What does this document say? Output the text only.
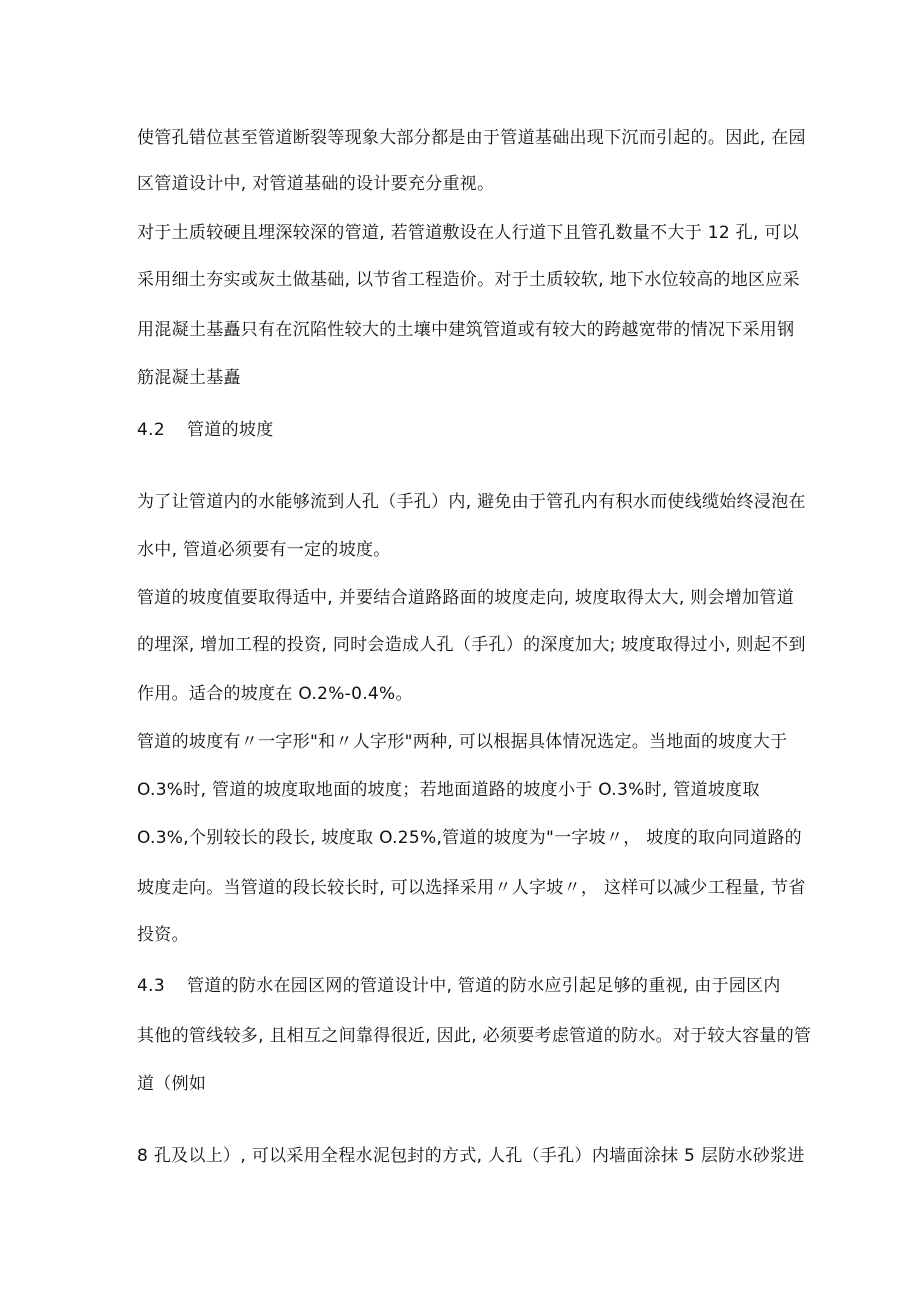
使管孔错位甚至管道断裂等现象大部分都是由于管道基础出现下沉而引起的。因此, 在园
区管道设计中, 对管道基础的设计要充分重视。
对于土质较硬且埋深较深的管道, 若管道敷设在人行道下且管孔数量不大于 12 孔, 可以
采用细土夯实或灰土做基础, 以节省工程造价。对于土质较软, 地下水位较高的地区应采
用混凝土基矗只有在沉陷性较大的土壤中建筑管道或有较大的跨越宽带的情况下采用钢
筋混凝土基矗
4.2 管道的坡度
为了让管道内的水能够流到人孔（手孔）内, 避免由于管孔内有积水而使线缆始终浸泡在
水中, 管道必须要有一定的坡度。
管道的坡度值要取得适中, 并要结合道路路面的坡度走向, 坡度取得太大, 则会增加管道
的埋深, 增加工程的投资, 同时会造成人孔（手孔）的深度加大; 坡度取得过小, 则起不到
作用。适合的坡度在 O.2%-0.4%。
管道的坡度有〃一字形"和〃人字形"两种, 可以根据具体情况选定。当地面的坡度大于
O.3%时, 管道的坡度取地面的坡度；若地面道路的坡度小于 O.3%时, 管道坡度取
O.3%,个别较长的段长, 坡度取 O.25%,管道的坡度为"一字坡〃， 坡度的取向同道路的
坡度走向。当管道的段长较长时, 可以选择采用〃人字坡〃， 这样可以减少工程量, 节省
投资。
4.3 管道的防水在园区网的管道设计中, 管道的防水应引起足够的重视, 由于园区内
其他的管线较多, 且相互之间靠得很近, 因此, 必须要考虑管道的防水。对于较大容量的管
道（例如
8 孔及以上）, 可以采用全程水泥包封的方式, 人孔（手孔）内墙面涂抹 5 层防水砂浆进
